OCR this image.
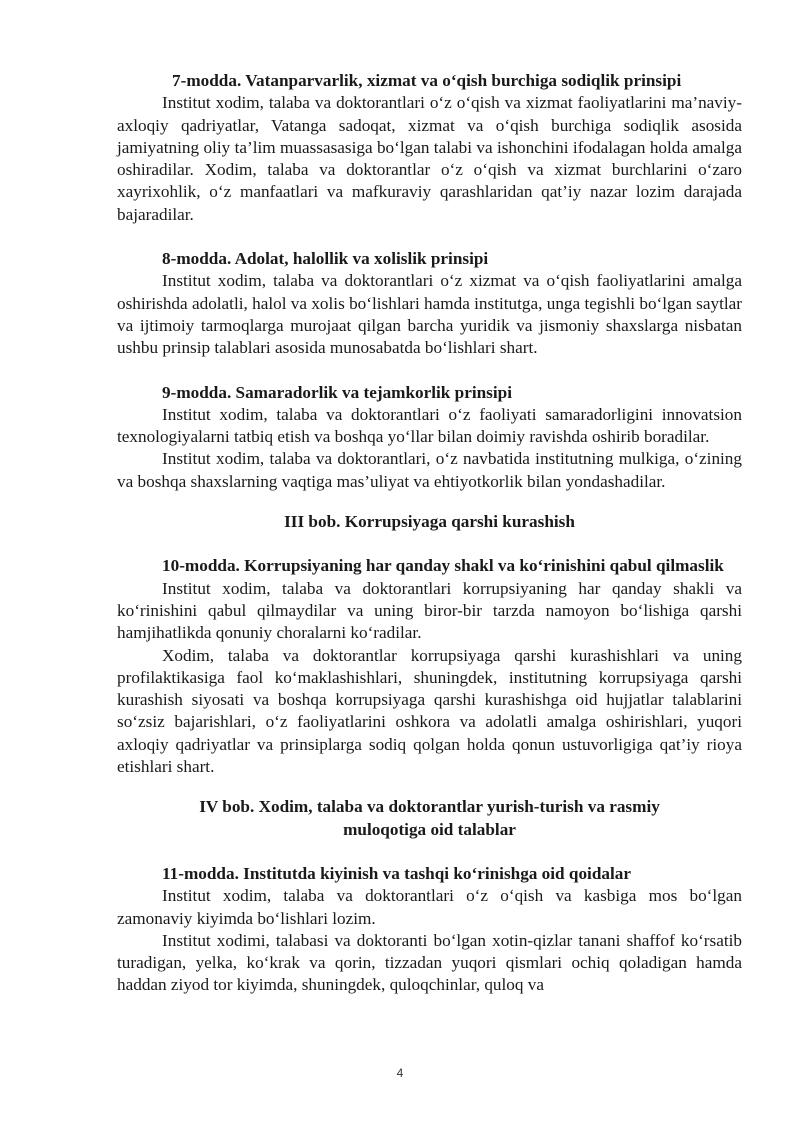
7-modda. Vatanparvarlik, xizmat va o‘qish burchiga sodiqlik prinsipi

Institut xodim, talaba va doktorantlari o‘z o‘qish va xizmat faoliyatlarini ma’naviy-axloqiy qadriyatlar, Vatanga sadoqat, xizmat va o‘qish burchiga sodiqlik asosida jamiyatning oliy ta’lim muassasasiga bo‘lgan talabi va ishonchini ifodalagan holda amalga oshiradilar. Xodim, talaba va doktorantlar o‘z o‘qish va xizmat burchlarini o‘zaro xayrixohlik, o‘z manfaatlari va mafkuraviy qarashlaridan qat’iy nazar lozim darajada bajaradilar.

8-modda. Adolat, halollik va xolislik prinsipi

Institut xodim, talaba va doktorantlari o‘z xizmat va o‘qish faoliyatlarini amalga oshirishda adolatli, halol va xolis bo‘lishlari hamda institutga, unga tegishli bo‘lgan saytlar va ijtimoiy tarmoqlarga murojaat qilgan barcha yuridik va jismoniy shaxslarga nisbatan ushbu prinsip talablari asosida munosabatda bo‘lishlari shart.

9-modda. Samaradorlik va tejamkorlik prinsipi

Institut xodim, talaba va doktorantlari o‘z faoliyati samaradorligini innovatsion texnologiyalarni tatbiq etish va boshqa yo‘llar bilan doimiy ravishda oshirib boradilar.

Institut xodim, talaba va doktorantlari, o‘z navbatida institutning mulkiga, o‘zining va boshqa shaxslarning vaqtiga mas’uliyat va ehtiyotkorlik bilan yondashadilar.

III bob. Korrupsiyaga qarshi kurashish

10-modda. Korrupsiyaning har qanday shakl va ko‘rinishini qabul qilmaslik

Institut xodim, talaba va doktorantlari korrupsiyaning har qanday shakli va ko‘rinishini qabul qilmaydilar va uning biror-bir tarzda namoyon bo‘lishiga qarshi hamjihatlikda qonuniy choralarni ko‘radilar.

Xodim, talaba va doktorantlar korrupsiyaga qarshi kurashishlari va uning profilaktikasiga faol ko‘maklashishlari, shuningdek, institutning korrupsiyaga qarshi kurashish siyosati va boshqa korrupsiyaga qarshi kurashishga oid hujjatlar talablarini so‘zsiz bajarishlari, o‘z faoliyatlarini oshkora va adolatli amalga oshirishlari, yuqori axloqiy qadriyatlar va prinsiplarga sodiq qolgan holda qonun ustuvorligiga qat’iy rioya etishlari shart.

IV bob. Xodim, talaba va doktorantlar yurish-turish va rasmiy
muloqotiga oid talablar

11-modda. Institutda kiyinish va tashqi ko‘rinishga oid qoidalar

Institut xodim, talaba va doktorantlari o‘z o‘qish va kasbiga mos bo‘lgan zamonaviy kiyimda bo‘lishlari lozim.

Institut xodimi, talabasi va doktoranti bo‘lgan xotin-qizlar tanani shaffof ko‘rsatib turadigan, yelka, ko‘krak va qorin, tizzadan yuqori qismlari ochiq qoladigan hamda haddan ziyod tor kiyimda, shuningdek, quloqchinlar, quloq va

4
